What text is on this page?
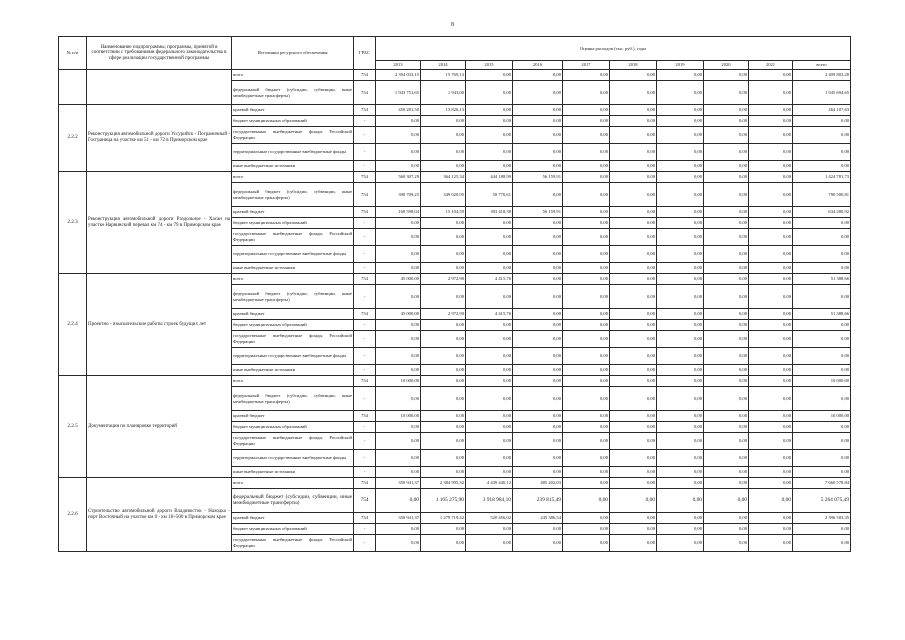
8
№ п/п	Наименование подпрограммы, программы, принятой в соответствии с требованиями федерального законодательства в сфере реализации государственной программы	Источники ресурсного обеспечения	ГРБС	Оценка расходов (тыс. руб.), годы									
				2013	2014	2015	2016	2017	2018	2019	2020	2021	всего
		всего	754	2 394 033,15	15 769,13	0,00	0,00	0,00	0,00	0,00	0,00	0,00	2 409 802,28
		федеральный бюджет (субсидии, субвенции, иные межбюджетные трансферты)	754	1 943 751,65	1 943,00	0,00	0,00	0,00	0,00	0,00	0,00	0,00	1 945 694,65
2.2.2	Реконструкция автомобильной дороги Уссурийск - Пограничный - Госграница на участке км 51 - км 72 в Приморском крае	краевой бюджет	754	450 281,50	13 826,13	0,00	0,00	0,00	0,00	0,00	0,00	0,00	464 107,63
		бюджет муниципальных образований	-	0,00	0,00	0,00	0,00	0,00	0,00	0,00	0,00	0,00	0,00
		государственные внебюджетные фонды Российской Федерации	-	0,00	0,00	0,00	0,00	0,00	0,00	0,00	0,00	0,00	0,00
		территориальные государственные внебюджетные фонды	-	0,00	0,00	0,00	0,00	0,00	0,00	0,00	0,00	0,00	0,00
		иные внебюджетные источники	-	0,00	0,00	0,00	0,00	0,00	0,00	0,00	0,00	0,00	0,00
2.2.3	Реконструкция автомобильной дороги Раздольное - Хасан на участке Нарвинский перевал км 74 - км 79 в Приморском крае	всего	754	560 307,29	364 125,34	444 188,99	56 159,91	0,00	0,00	0,00	0,00	0,00	1 424 781,73
		федеральный бюджет (субсидии, субвенции, иные межбюджетные трансферты)	754	390 709,25	349 020,95	50 770,61	0,00	0,00	0,00	0,00	0,00	0,00	790 500,81
		краевой бюджет	754	169 598,04	15 104,59	393 418,38	56 159,91	0,00	0,00	0,00	0,00	0,00	634 280,92
		бюджет муниципальных образований	-	0,00	0,00	0,00	0,00	0,00	0,00	0,00	0,00	0,00	0,00
		государственные внебюджетные фонды Российской Федерации	-	0,00	0,00	0,00	0,00	0,00	0,00	0,00	0,00	0,00	0,00
		территориальные государственные внебюджетные фонды	-	0,00	0,00	0,00	0,00	0,00	0,00	0,00	0,00	0,00	0,00
		иные внебюджетные источники	-	0,00	0,00	0,00	0,00	0,00	0,00	0,00	0,00	0,00	0,00
2.2.4	Проектно - изыскательские работы строек будущих лет	всего	754	45 000,00	2 972,90	4 415,76	0,00	0,00	0,00	0,00	0,00	0,00	51 388,66
		федеральный бюджет (субсидии, субвенции, иные межбюджетные трансферты)	-	0,00	0,00	0,00	0,00	0,00	0,00	0,00	0,00	0,00	0,00
		краевой бюджет	754	45 000,00	2 972,90	4 415,76	0,00	0,00	0,00	0,00	0,00	0,00	51 388,66
		бюджет муниципальных образований	-	0,00	0,00	0,00	0,00	0,00	0,00	0,00	0,00	0,00	0,00
		государственные внебюджетные фонды Российской Федерации	-	0,00	0,00	0,00	0,00	0,00	0,00	0,00	0,00	0,00	0,00
		территориальные государственные внебюджетные фонды	-	0,00	0,00	0,00	0,00	0,00	0,00	0,00	0,00	0,00	0,00
		иные внебюджетные источники	-	0,00	0,00	0,00	0,00	0,00	0,00	0,00	0,00	0,00	0,00
2.2.5	Документация по планировке территорий	всего	754	10 000,00	0,00	0,00	0,00	0,00	0,00	0,00	0,00	0,00	10 000,00
		федеральный бюджет (субсидии, субвенции, иные межбюджетные трансферты)	-	0,00	0,00	0,00	0,00	0,00	0,00	0,00	0,00	0,00	0,00
		краевой бюджет	754	10 000,00	0,00	0,00	0,00	0,00	0,00	0,00	0,00	0,00	10 000,00
		бюджет муниципальных образований	-	0,00	0,00	0,00	0,00	0,00	0,00	0,00	0,00	0,00	0,00
		государственные внебюджетные фонды Российской Федерации	-	0,00	0,00	0,00	0,00	0,00	0,00	0,00	0,00	0,00	0,00
		территориальные государственные внебюджетные фонды	-	0,00	0,00	0,00	0,00	0,00	0,00	0,00	0,00	0,00	0,00
		иные внебюджетные источники	-	0,00	0,00	0,00	0,00	0,00	0,00	0,00	0,00	0,00	0,00
2.2.6	Строительство автомобильной дороги Владивосток - Находка - порт Восточный на участке км 0 - км 18+500 в Приморском крае	всего	754	350 941,37	2 384 995,32	4 439 440,12	485 202,03	0,00	0,00	0,00	0,00	0,00	7 660 578,84
		федеральный бюджет (субсидии, субвенции, иные межбюджетные трансферты)	754	0,00	1 105 275,90	3 918 984,10	239 815,49	0,00	0,00	0,00	0,00	0,00	5 264 075,49
		краевой бюджет	754	350 941,37	1 279 719,42	520 456,02	245 386,54	0,00	0,00	0,00	0,00	0,00	2 396 503,35
		бюджет муниципальных образований	-	0,00	0,00	0,00	0,00	0,00	0,00	0,00	0,00	0,00	0,00
		государственные внебюджетные фонды Российской Федерации	-	0,00	0,00	0,00	0,00	0,00	0,00	0,00	0,00	0,00	0,00
